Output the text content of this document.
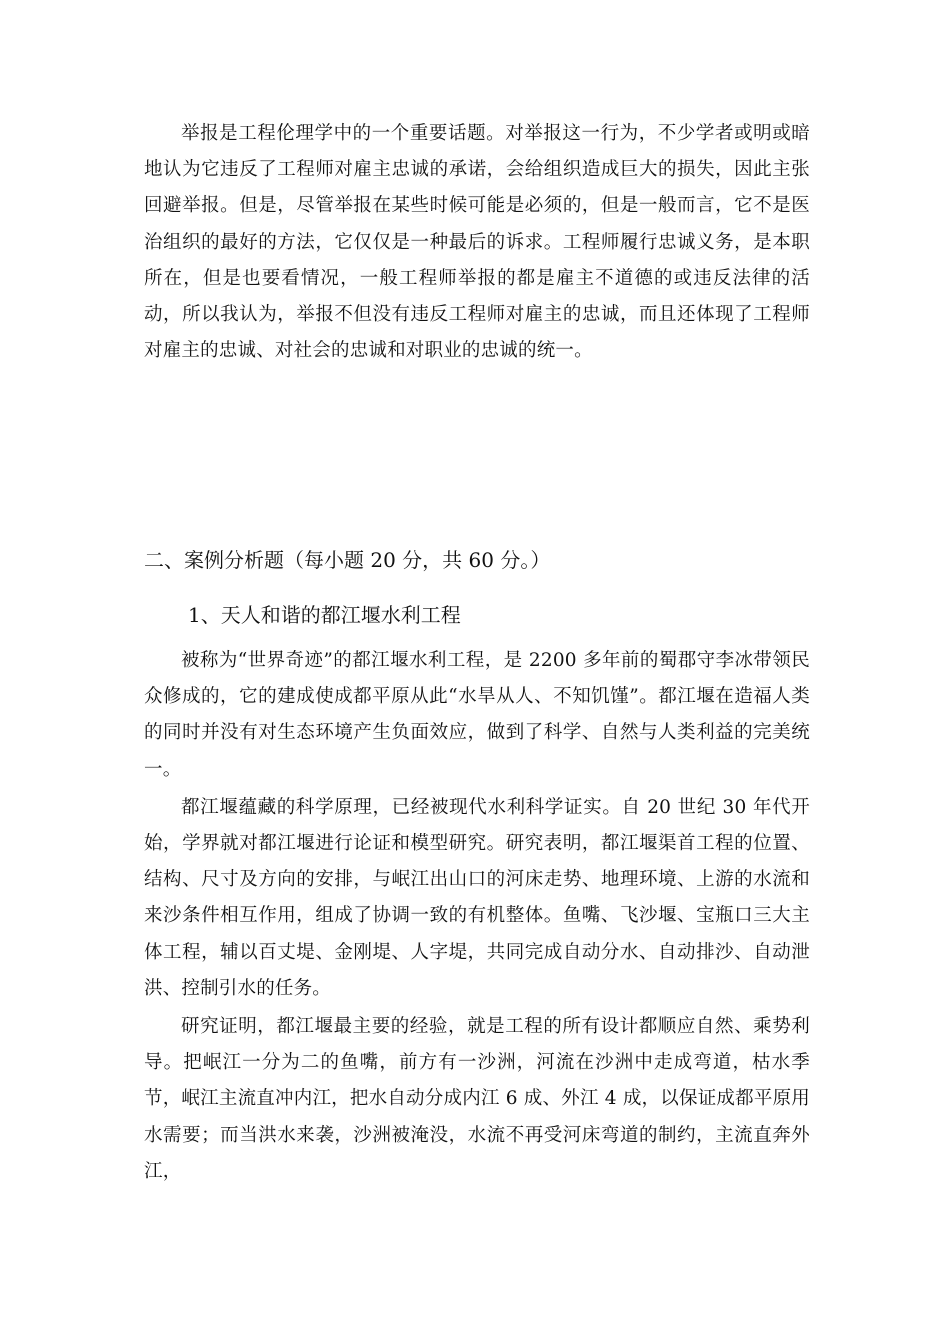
举报是工程伦理学中的一个重要话题。对举报这一行为，不少学者或明或暗地认为它违反了工程师对雇主忠诚的承诺，会给组织造成巨大的损失，因此主张回避举报。但是，尽管举报在某些时候可能是必须的，但是一般而言，它不是医治组织的最好的方法，它仅仅是一种最后的诉求。工程师履行忠诚义务，是本职所在，但是也要看情况，一般工程师举报的都是雇主不道德的或违反法律的活动，所以我认为，举报不但没有违反工程师对雇主的忠诚，而且还体现了工程师对雇主的忠诚、对社会的忠诚和对职业的忠诚的统一。

二、案例分析题（每小题 20 分，共 60 分。）
1、天人和谐的都江堰水利工程

被称为“世界奇迹”的都江堰水利工程，是 2200 多年前的蜀郡守李冰带领民众修成的，它的建成使成都平原从此“水旱从人、不知饥馑”。都江堰在造福人类的同时并没有对生态环境产生负面效应，做到了科学、自然与人类利益的完美统一。

都江堰蕴藏的科学原理，已经被现代水利科学证实。自 20 世纪 30 年代开始，学界就对都江堰进行论证和模型研究。研究表明，都江堰渠首工程的位置、结构、尺寸及方向的安排，与岷江出山口的河床走势、地理环境、上游的水流和来沙条件相互作用，组成了协调一致的有机整体。鱼嘴、飞沙堰、宝瓶口三大主体工程，辅以百丈堤、金刚堤、人字堤，共同完成自动分水、自动排沙、自动泄洪、控制引水的任务。

研究证明，都江堰最主要的经验，就是工程的所有设计都顺应自然、乘势利导。把岷江一分为二的鱼嘴，前方有一沙洲，河流在沙洲中走成弯道，枯水季节，岷江主流直冲内江，把水自动分成内江 6 成、外江 4 成，以保证成都平原用水需要；而当洪水来袭，沙洲被淹没，水流不再受河床弯道的制约，主流直奔外江，
